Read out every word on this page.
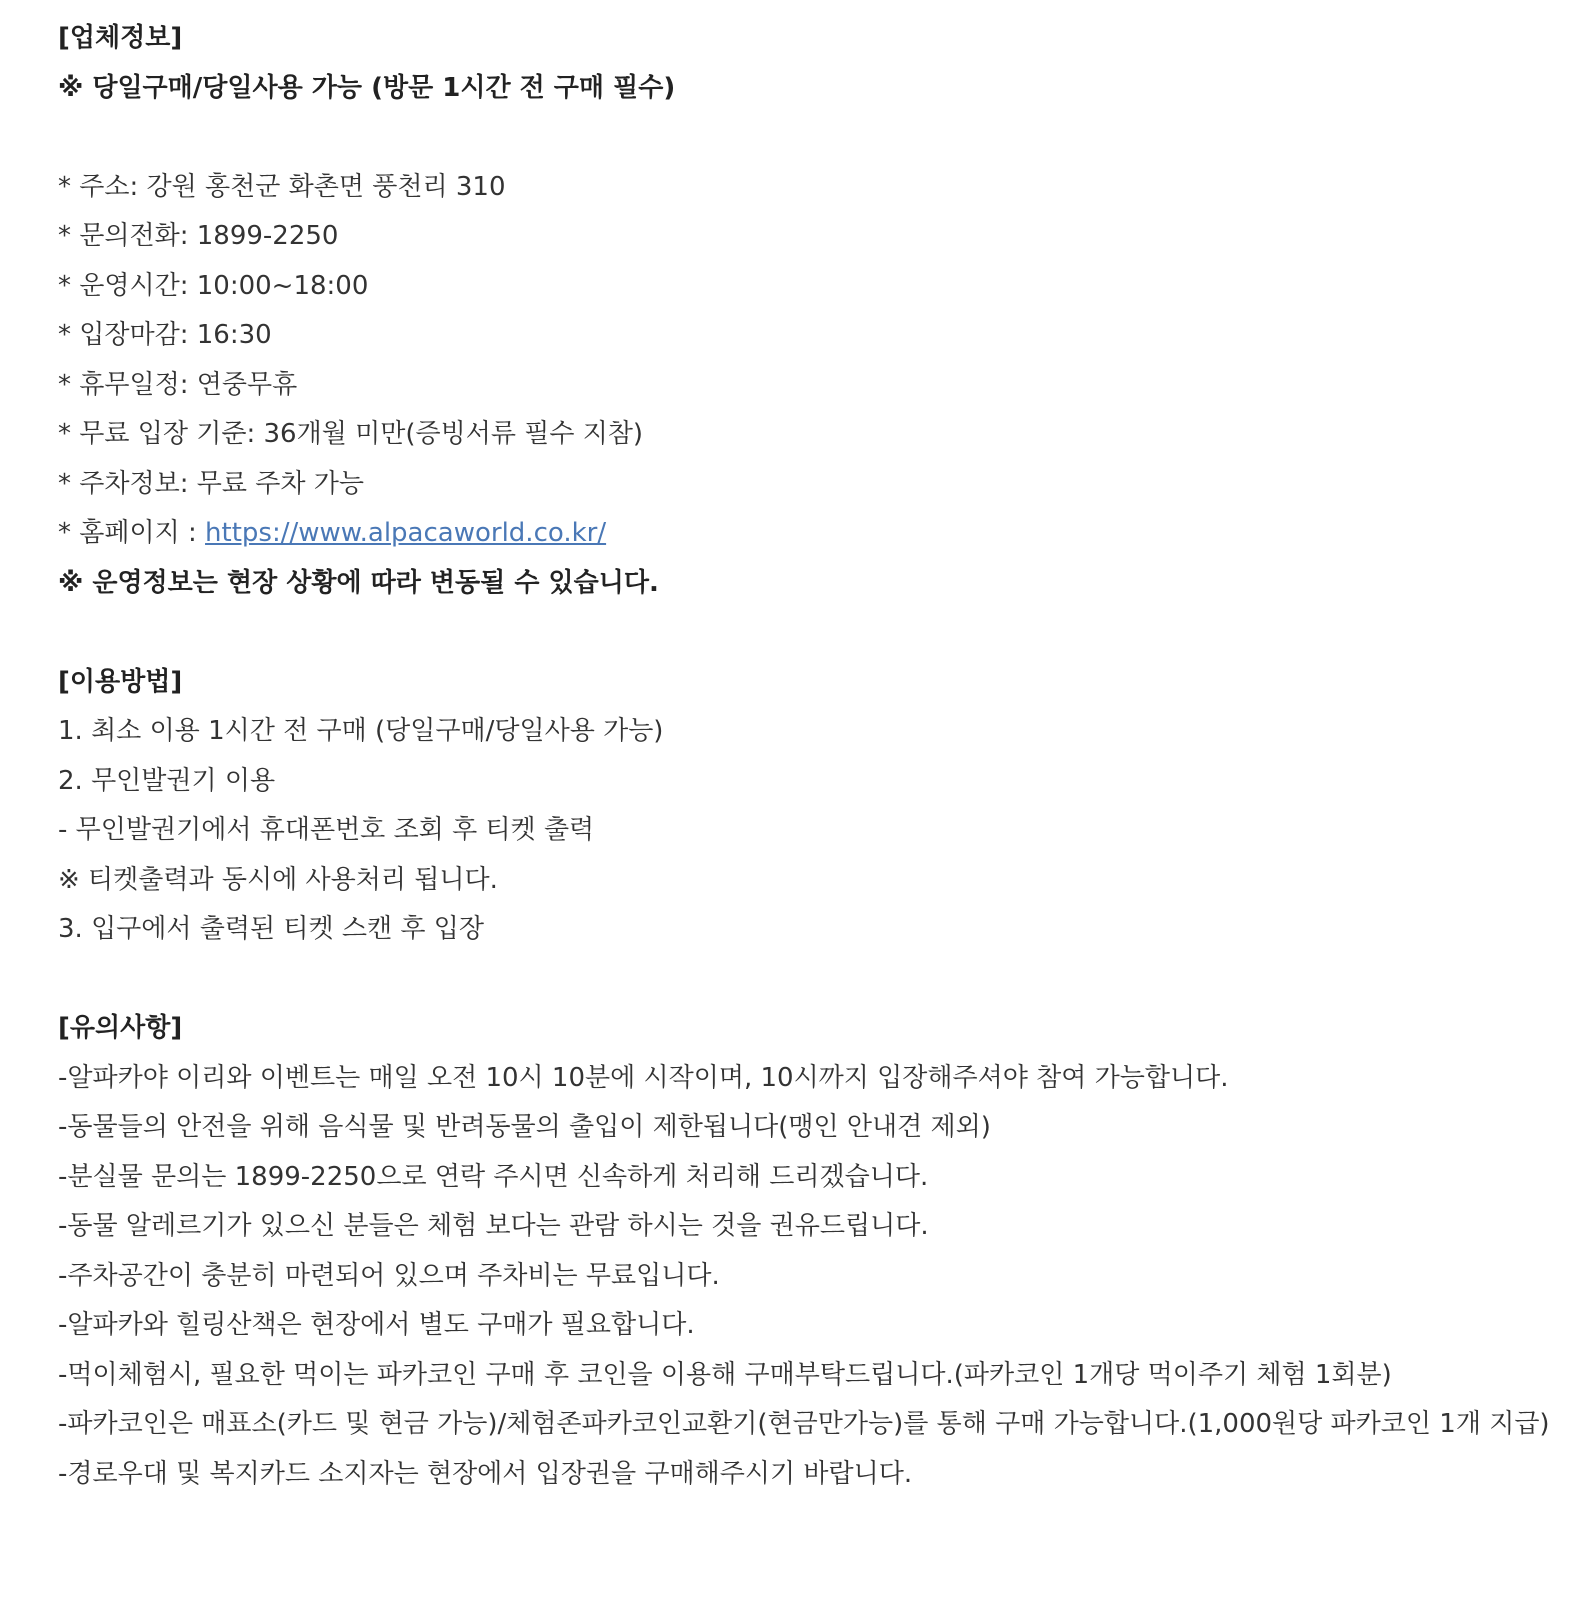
[업체정보]
※ 당일구매/당일사용 가능 (방문 1시간 전 구매 필수)
* 주소: 강원 홍천군 화촌면 풍천리 310
* 문의전화: 1899-2250
* 운영시간: 10:00~18:00
* 입장마감: 16:30
* 휴무일정: 연중무휴
* 무료 입장 기준: 36개월 미만(증빙서류 필수 지참)
* 주차정보: 무료 주차 가능
* 홈페이지 : https://www.alpacaworld.co.kr/
※ 운영정보는 현장 상황에 따라 변동될 수 있습니다.
[이용방법]
1. 최소 이용 1시간 전 구매 (당일구매/당일사용 가능)
2. 무인발권기 이용
- 무인발권기에서 휴대폰번호 조회 후 티켓 출력
※ 티켓출력과 동시에 사용처리 됩니다.
3. 입구에서 출력된 티켓 스캔 후 입장
[유의사항]
-알파카야 이리와 이벤트는 매일 오전 10시 10분에 시작이며, 10시까지 입장해주셔야 참여 가능합니다.
-동물들의 안전을 위해 음식물 및 반려동물의 출입이 제한됩니다(맹인 안내견 제외)
-분실물 문의는 1899-2250으로 연락 주시면 신속하게 처리해 드리겠습니다.
-동물 알레르기가 있으신 분들은 체험 보다는 관람 하시는 것을 권유드립니다.
-주차공간이 충분히 마련되어 있으며 주차비는 무료입니다.
-알파카와 힐링산책은 현장에서 별도 구매가 필요합니다.
-먹이체험시, 필요한 먹이는 파카코인 구매 후 코인을 이용해 구매부탁드립니다.(파카코인 1개당 먹이주기 체험 1회분)
-파카코인은 매표소(카드 및 현금 가능)/체험존파카코인교환기(현금만가능)를 통해 구매 가능합니다.(1,000원당 파카코인 1개 지급)
-경로우대 및 복지카드 소지자는 현장에서 입장권을 구매해주시기 바랍니다.
